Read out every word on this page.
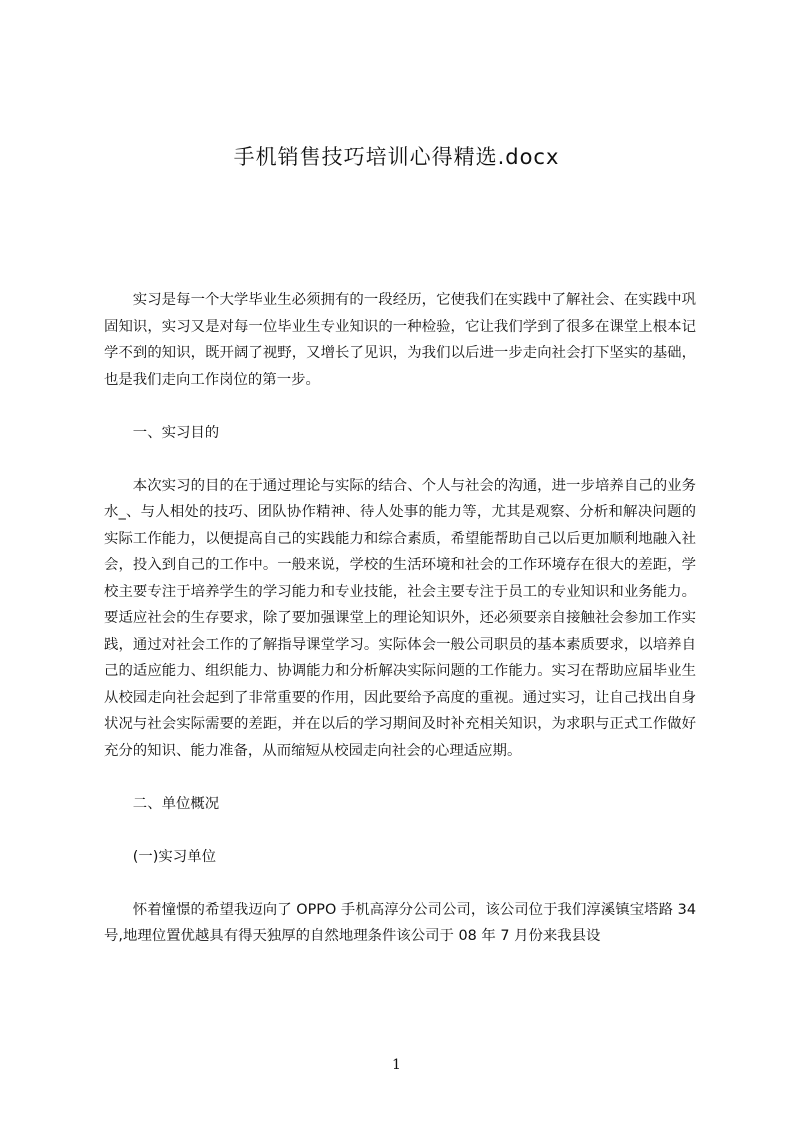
手机销售技巧培训心得精选.docx

实习是每一个大学毕业生必须拥有的一段经历，它使我们在实践中了解社会、在实践中巩固知识，实习又是对每一位毕业生专业知识的一种检验，它让我们学到了很多在课堂上根本记学不到的知识，既开阔了视野，又增长了见识，为我们以后进一步走向社会打下坚实的基础，也是我们走向工作岗位的第一步。

一、实习目的

本次实习的目的在于通过理论与实际的结合、个人与社会的沟通，进一步培养自己的业务水_、与人相处的技巧、团队协作精神、待人处事的能力等，尤其是观察、分析和解决问题的实际工作能力，以便提高自己的实践能力和综合素质，希望能帮助自己以后更加顺利地融入社会，投入到自己的工作中。一般来说，学校的生活环境和社会的工作环境存在很大的差距，学校主要专注于培养学生的学习能力和专业技能，社会主要专注于员工的专业知识和业务能力。要适应社会的生存要求，除了要加强课堂上的理论知识外，还必须要亲自接触社会参加工作实践，通过对社会工作的了解指导课堂学习。实际体会一般公司职员的基本素质要求，以培养自己的适应能力、组织能力、协调能力和分析解决实际问题的工作能力。实习在帮助应届毕业生从校园走向社会起到了非常重要的作用，因此要给予高度的重视。通过实习，让自己找出自身状况与社会实际需要的差距，并在以后的学习期间及时补充相关知识，为求职与正式工作做好充分的知识、能力准备，从而缩短从校园走向社会的心理适应期。

二、单位概况

(一)实习单位

怀着憧憬的希望我迈向了 OPPO 手机高淳分公司公司，该公司位于我们淳溪镇宝塔路 34 号,地理位置优越具有得天独厚的自然地理条件该公司于 08 年 7 月份来我县设

1
